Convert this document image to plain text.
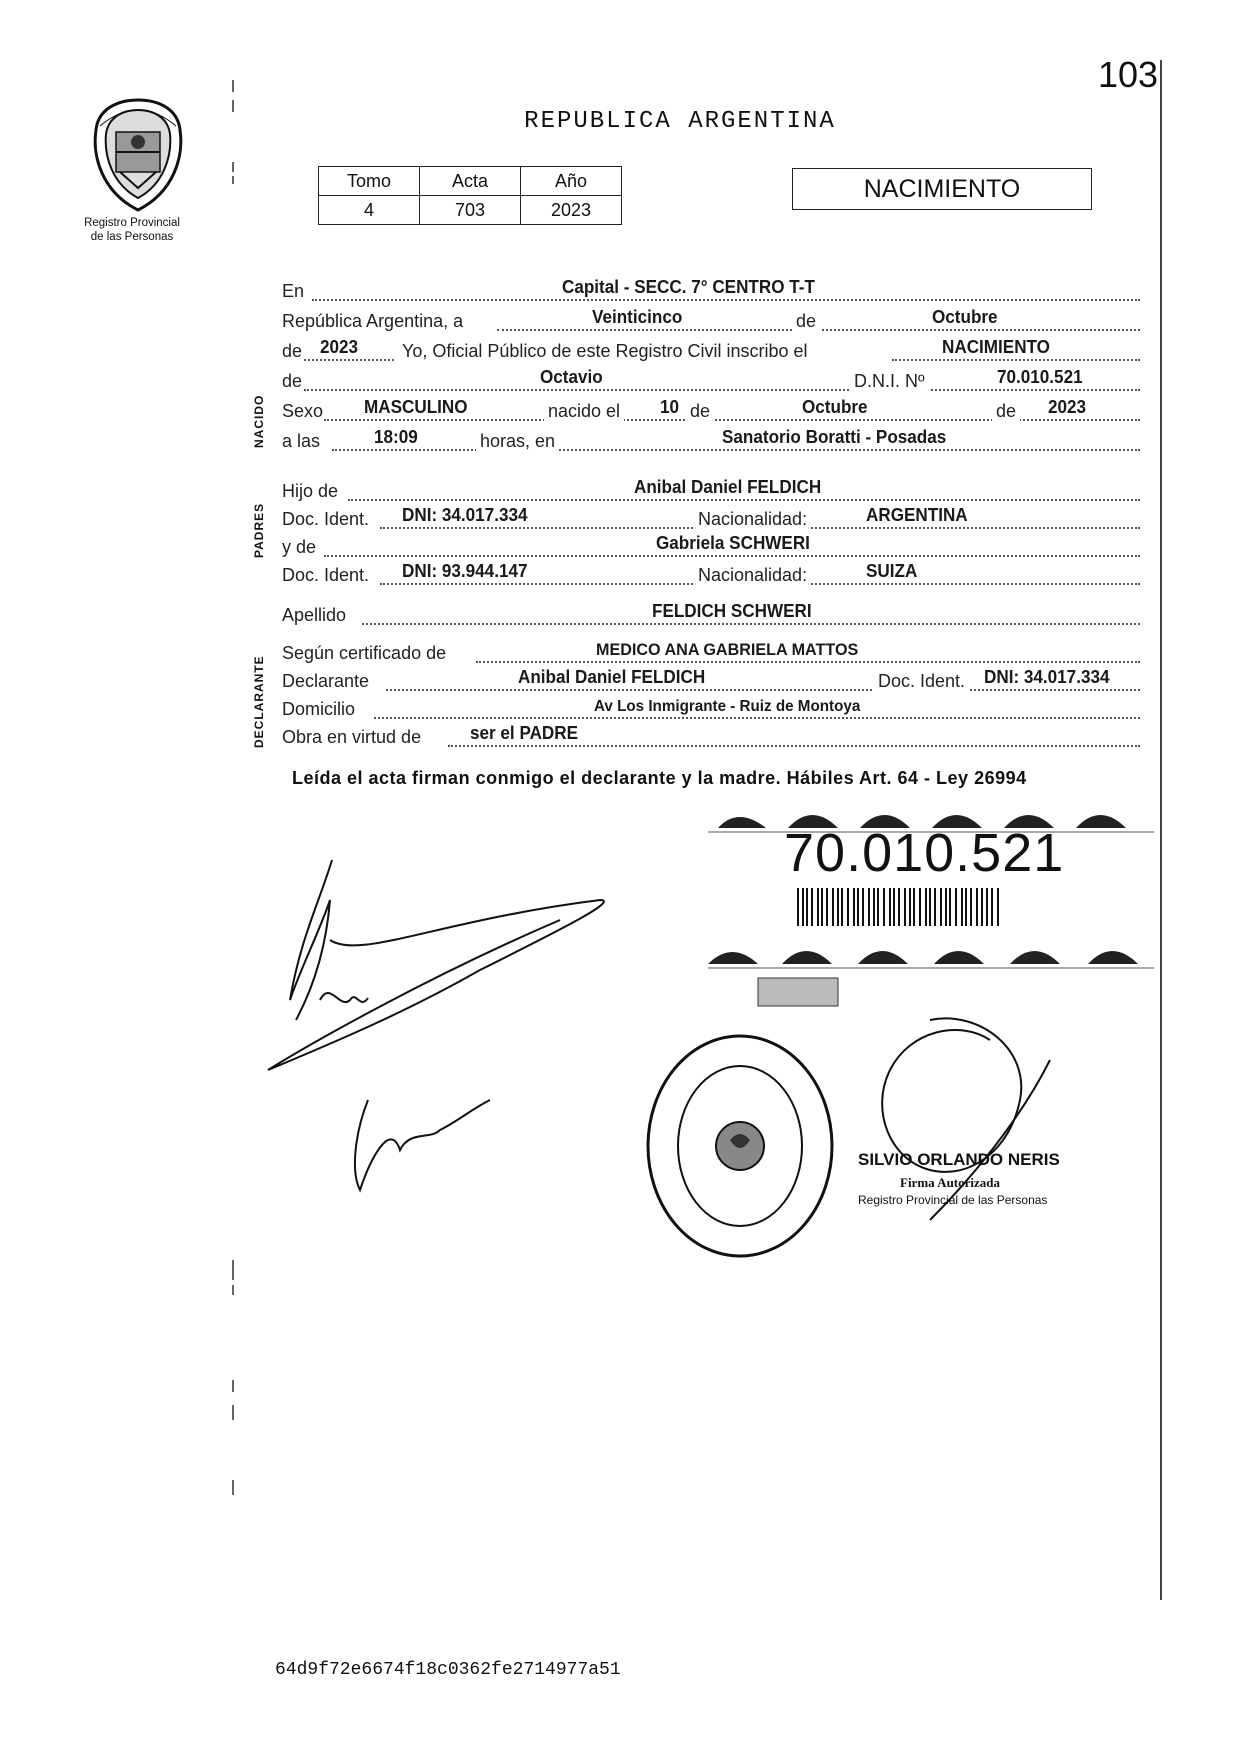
103
Registro Provincial
de las Personas
REPUBLICA ARGENTINA
Tomo	Acta	Año
4	703	2023
NACIMIENTO
NACIDO
PADRES
DECLARANTE
En	Capital - SECC. 7° CENTRO T-T
República Argentina, a	Veinticinco	de	Octubre
de 2023 Yo, Oficial Público de este Registro Civil inscribo el	NACIMIENTO
de	Octavio	D.N.I. Nº	70.010.521
Sexo MASCULINO	nacido el 10 de	Octubre	de 2023
a las	18:09	horas, en	Sanatorio Boratti - Posadas
Hijo de	Anibal Daniel FELDICH
Doc. Ident. DNI: 34.017.334	Nacionalidad:	ARGENTINA
y de	Gabriela SCHWERI
Doc. Ident. DNI: 93.944.147	Nacionalidad:	SUIZA
Apellido	FELDICH SCHWERI
Según certificado de	MEDICO ANA GABRIELA MATTOS
Declarante	Anibal Daniel FELDICH	Doc. Ident. DNI: 34.017.334
Domicilio	Av Los Inmigrante - Ruiz de Montoya
Obra en virtud de	ser el PADRE
Leída el acta firman conmigo el declarante y la madre. Hábiles Art. 64 - Ley 26994
70.010.521
SILVIO ORLANDO NERIS
Firma Autorizada
Registro Provincial de las Personas
64d9f72e6674f18c0362fe2714977a51
